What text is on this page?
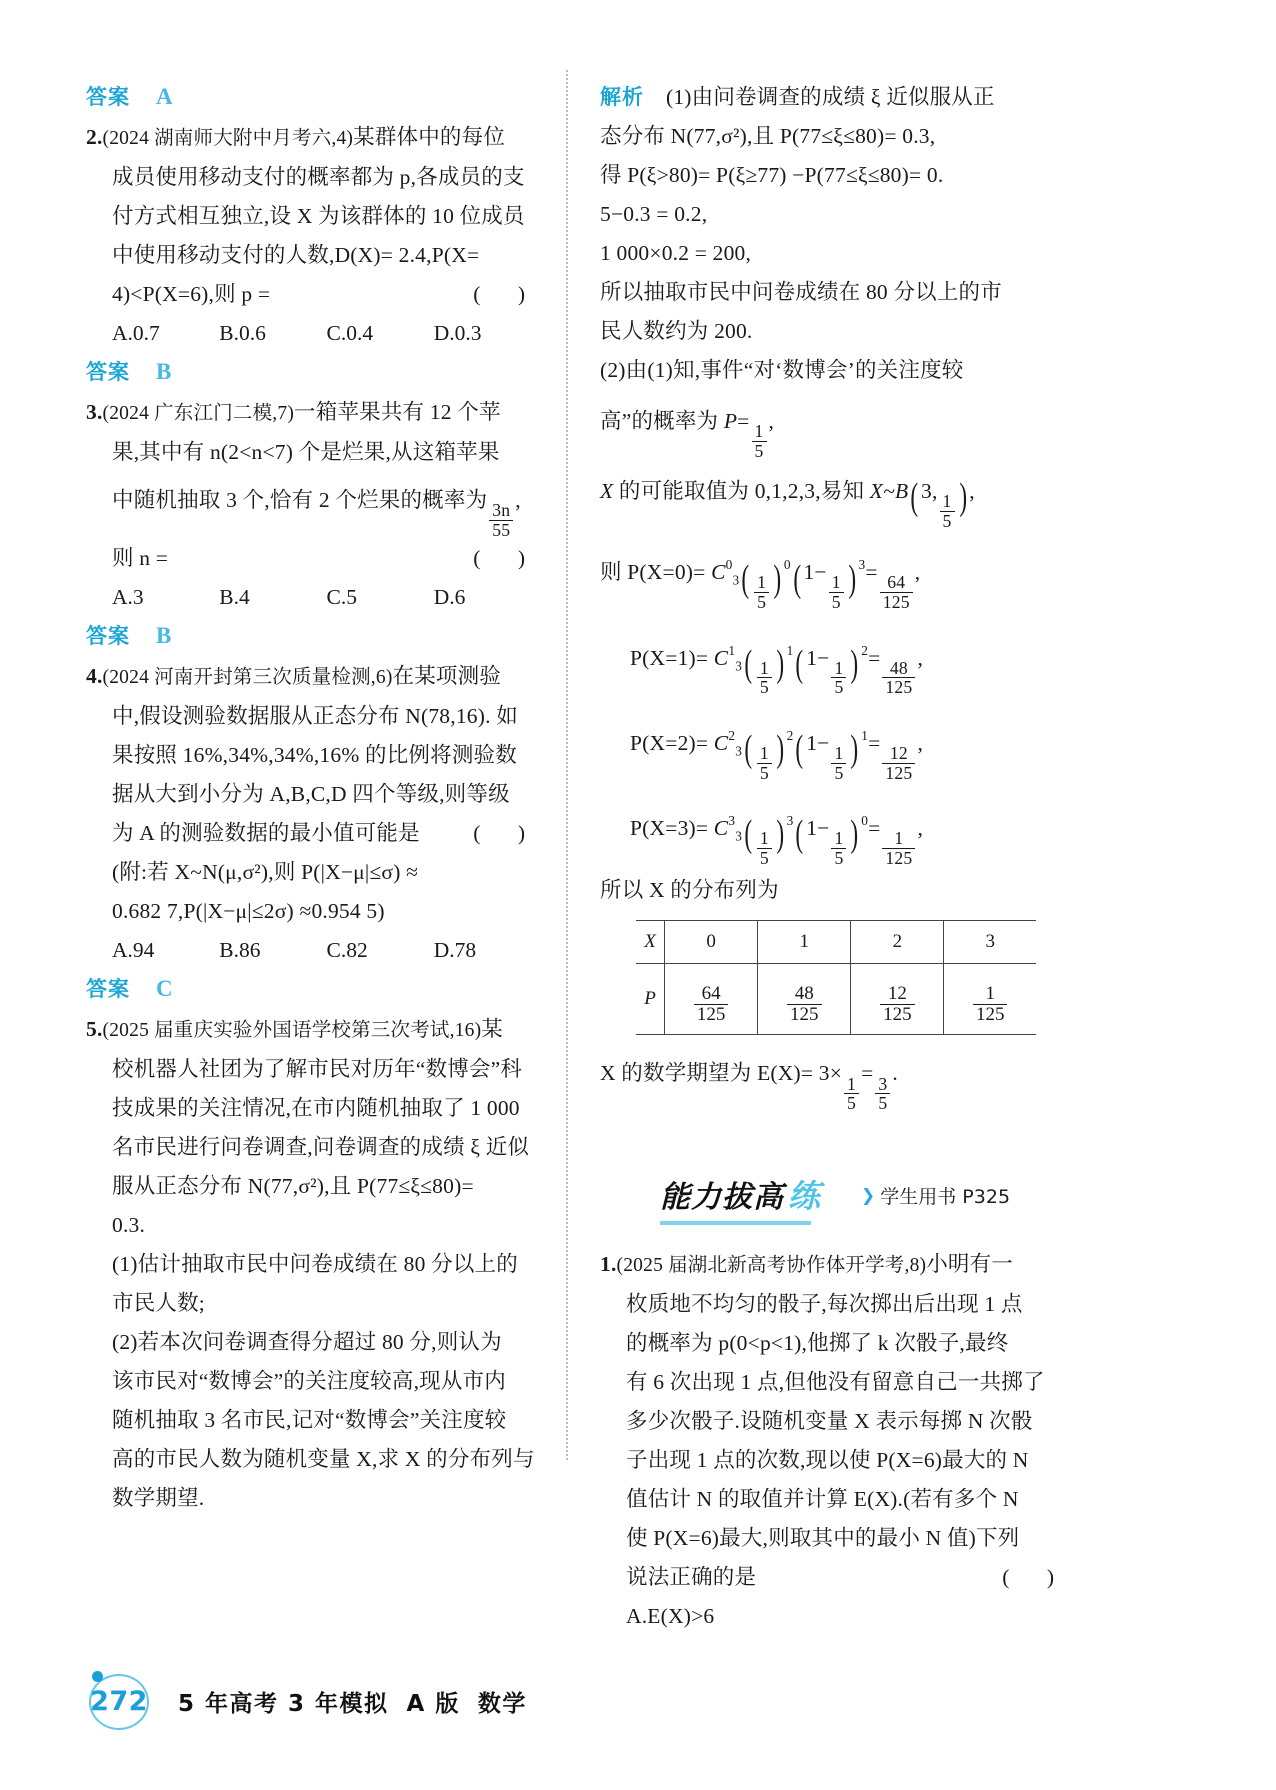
答案 A
2.(2024 湖南师大附中月考六,4)某群体中的每位
成员使用移动支付的概率都为 p,各成员的支
付方式相互独立,设 X 为该群体的 10 位成员
中使用移动支付的人数,D(X)= 2.4,P(X=
4)<P(X=6),则 p =	( )
A.0.7	B.0.6	C.0.4	D.0.3
答案 B
3.(2024 广东江门二模,7)一箱苹果共有 12 个苹
果,其中有 n(2<n<7) 个是烂果,从这箱苹果
中随机抽取 3 个,恰有 2 个烂果的概率为
$\frac{3n}{55}$
,
则 n =	( )
A.3	B.4	C.5	D.6
答案 B
4.(2024 河南开封第三次质量检测,6)在某项测验
中,假设测验数据服从正态分布 N(78,16). 如
果按照 16%,34%,34%,16% 的比例将测验数
据从大到小分为 A,B,C,D 四个等级,则等级
为 A 的测验数据的最小值可能是 ( )
(附:若 X~N(μ,σ²),则 P(|X−μ|≤σ) ≈
0.682 7,P(|X−μ|≤2σ) ≈0.954 5)
A.94	B.86	C.82	D.78
答案 C
5.(2025 届重庆实验外国语学校第三次考试,16)某
校机器人社团为了解市民对历年“数博会”科
技成果的关注情况,在市内随机抽取了 1 000
名市民进行问卷调查,问卷调查的成绩 ξ 近似
服从正态分布 N(77,σ²),且 P(77≤ξ≤80)=
0.3.
(1)估计抽取市民中问卷成绩在 80 分以上的
市民人数;
(2)若本次问卷调查得分超过 80 分,则认为
该市民对“数博会”的关注度较高,现从市内
随机抽取 3 名市民,记对“数博会”关注度较
高的市民人数为随机变量 X,求 X 的分布列与
数学期望.
解析 (1)由问卷调查的成绩 ξ 近似服从正
态分布 N(77,σ²),且 P(77≤ξ≤80)= 0.3,
得 P(ξ>80)= P(ξ≥77) −P(77≤ξ≤80)= 0.
5−0.3 = 0.2,
1 000×0.2 = 200,
所以抽取市民中问卷成绩在 80 分以上的市
民人数约为 200.
(2)由(1)知,事件“对‘数博会’的关注度较
高”的概率为 P=
$\frac{1}{5}$
,
X 的可能取值为 0,1,2,3,易知 X~B( 3,
$\frac{1}{5}$ ) ,
则 $P(X=0)= C^0_3( \frac{1}{5}$ ) $^0$( 1−
$\frac{1}{5}$ ) $^3$=
$\frac{64}{125}$
,
$P(X=1)= C^1_3( \frac{1}{5}$ ) $^1$( 1−
$\frac{1}{5}$ ) $^2$=
$\frac{48}{125}$
,
$P(X=2)= C^2_3( \frac{1}{5}$ ) $^2$( 1−
$\frac{1}{5}$ ) $^1$=
$\frac{12}{125}$
,
$P(X=3)= C^3_3( \frac{1}{5}$ ) $^3$( 1−
$\frac{1}{5}$ ) $^0$=
$\frac{1}{125}$
,
所以 X 的分布列为
X	0	1	2	3
P	$\frac{64}{125}$	$\frac{48}{125}$	$\frac{12}{125}$	$\frac{1}{125}$
X 的数学期望为 E(X)= 3×
$\frac{1}{5}$
=
$\frac{3}{5}$
.
能力拔高 练 ❯ 学生用书 P325
1.(2025 届湖北新高考协作体开学考,8)小明有一
枚质地不均匀的骰子,每次掷出后出现 1 点
的概率为 p(0<p<1),他掷了 k 次骰子,最终
有 6 次出现 1 点,但他没有留意自己一共掷了
多少次骰子.设随机变量 X 表示每掷 N 次骰
子出现 1 点的次数,现以使 P(X=6)最大的 N
值估计 N 的取值并计算 E(X).(若有多个 N
使 P(X=6)最大,则取其中的最小 N 值)下列
说法正确的是	( )
A.E(X)>6
272 5 年高考 3 年模拟 A 版 数学
